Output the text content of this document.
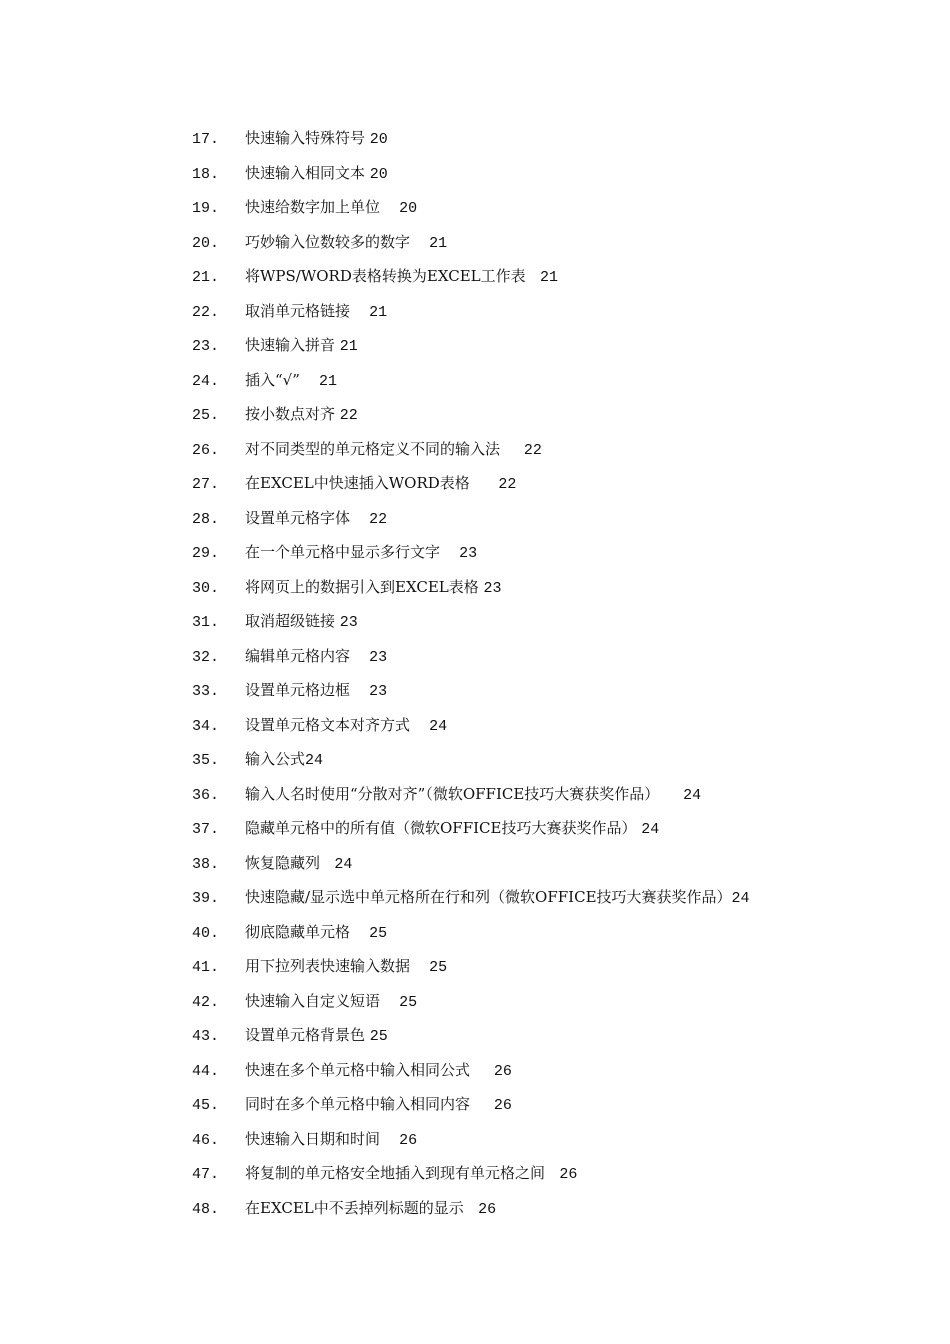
17. 快速输入特殊符号 20
18. 快速输入相同文本 20
19. 快速给数字加上单位 20
20. 巧妙输入位数较多的数字 21
21. 将WPS/WORD表格转换为EXCEL工作表 21
22. 取消单元格链接 21
23. 快速输入拼音 21
24. 插入“√” 21
25. 按小数点对齐 22
26. 对不同类型的单元格定义不同的输入法 22
27. 在EXCEL中快速插入WORD表格 22
28. 设置单元格字体 22
29. 在一个单元格中显示多行文字 23
30. 将网页上的数据引入到EXCEL表格 23
31. 取消超级链接 23
32. 编辑单元格内容 23
33. 设置单元格边框 23
34. 设置单元格文本对齐方式 24
35. 输入公式24
36. 输入人名时使用“分散对齐”（微软OFFICE技巧大赛获奖作品） 24
37. 隐藏单元格中的所有值（微软OFFICE技巧大赛获奖作品） 24
38. 恢复隐藏列 24
39. 快速隐藏/显示选中单元格所在行和列（微软OFFICE技巧大赛获奖作品）24
40. 彻底隐藏单元格 25
41. 用下拉列表快速输入数据 25
42. 快速输入自定义短语 25
43. 设置单元格背景色 25
44. 快速在多个单元格中输入相同公式 26
45. 同时在多个单元格中输入相同内容 26
46. 快速输入日期和时间 26
47. 将复制的单元格安全地插入到现有单元格之间 26
48. 在EXCEL中不丢掉列标题的显示 26
